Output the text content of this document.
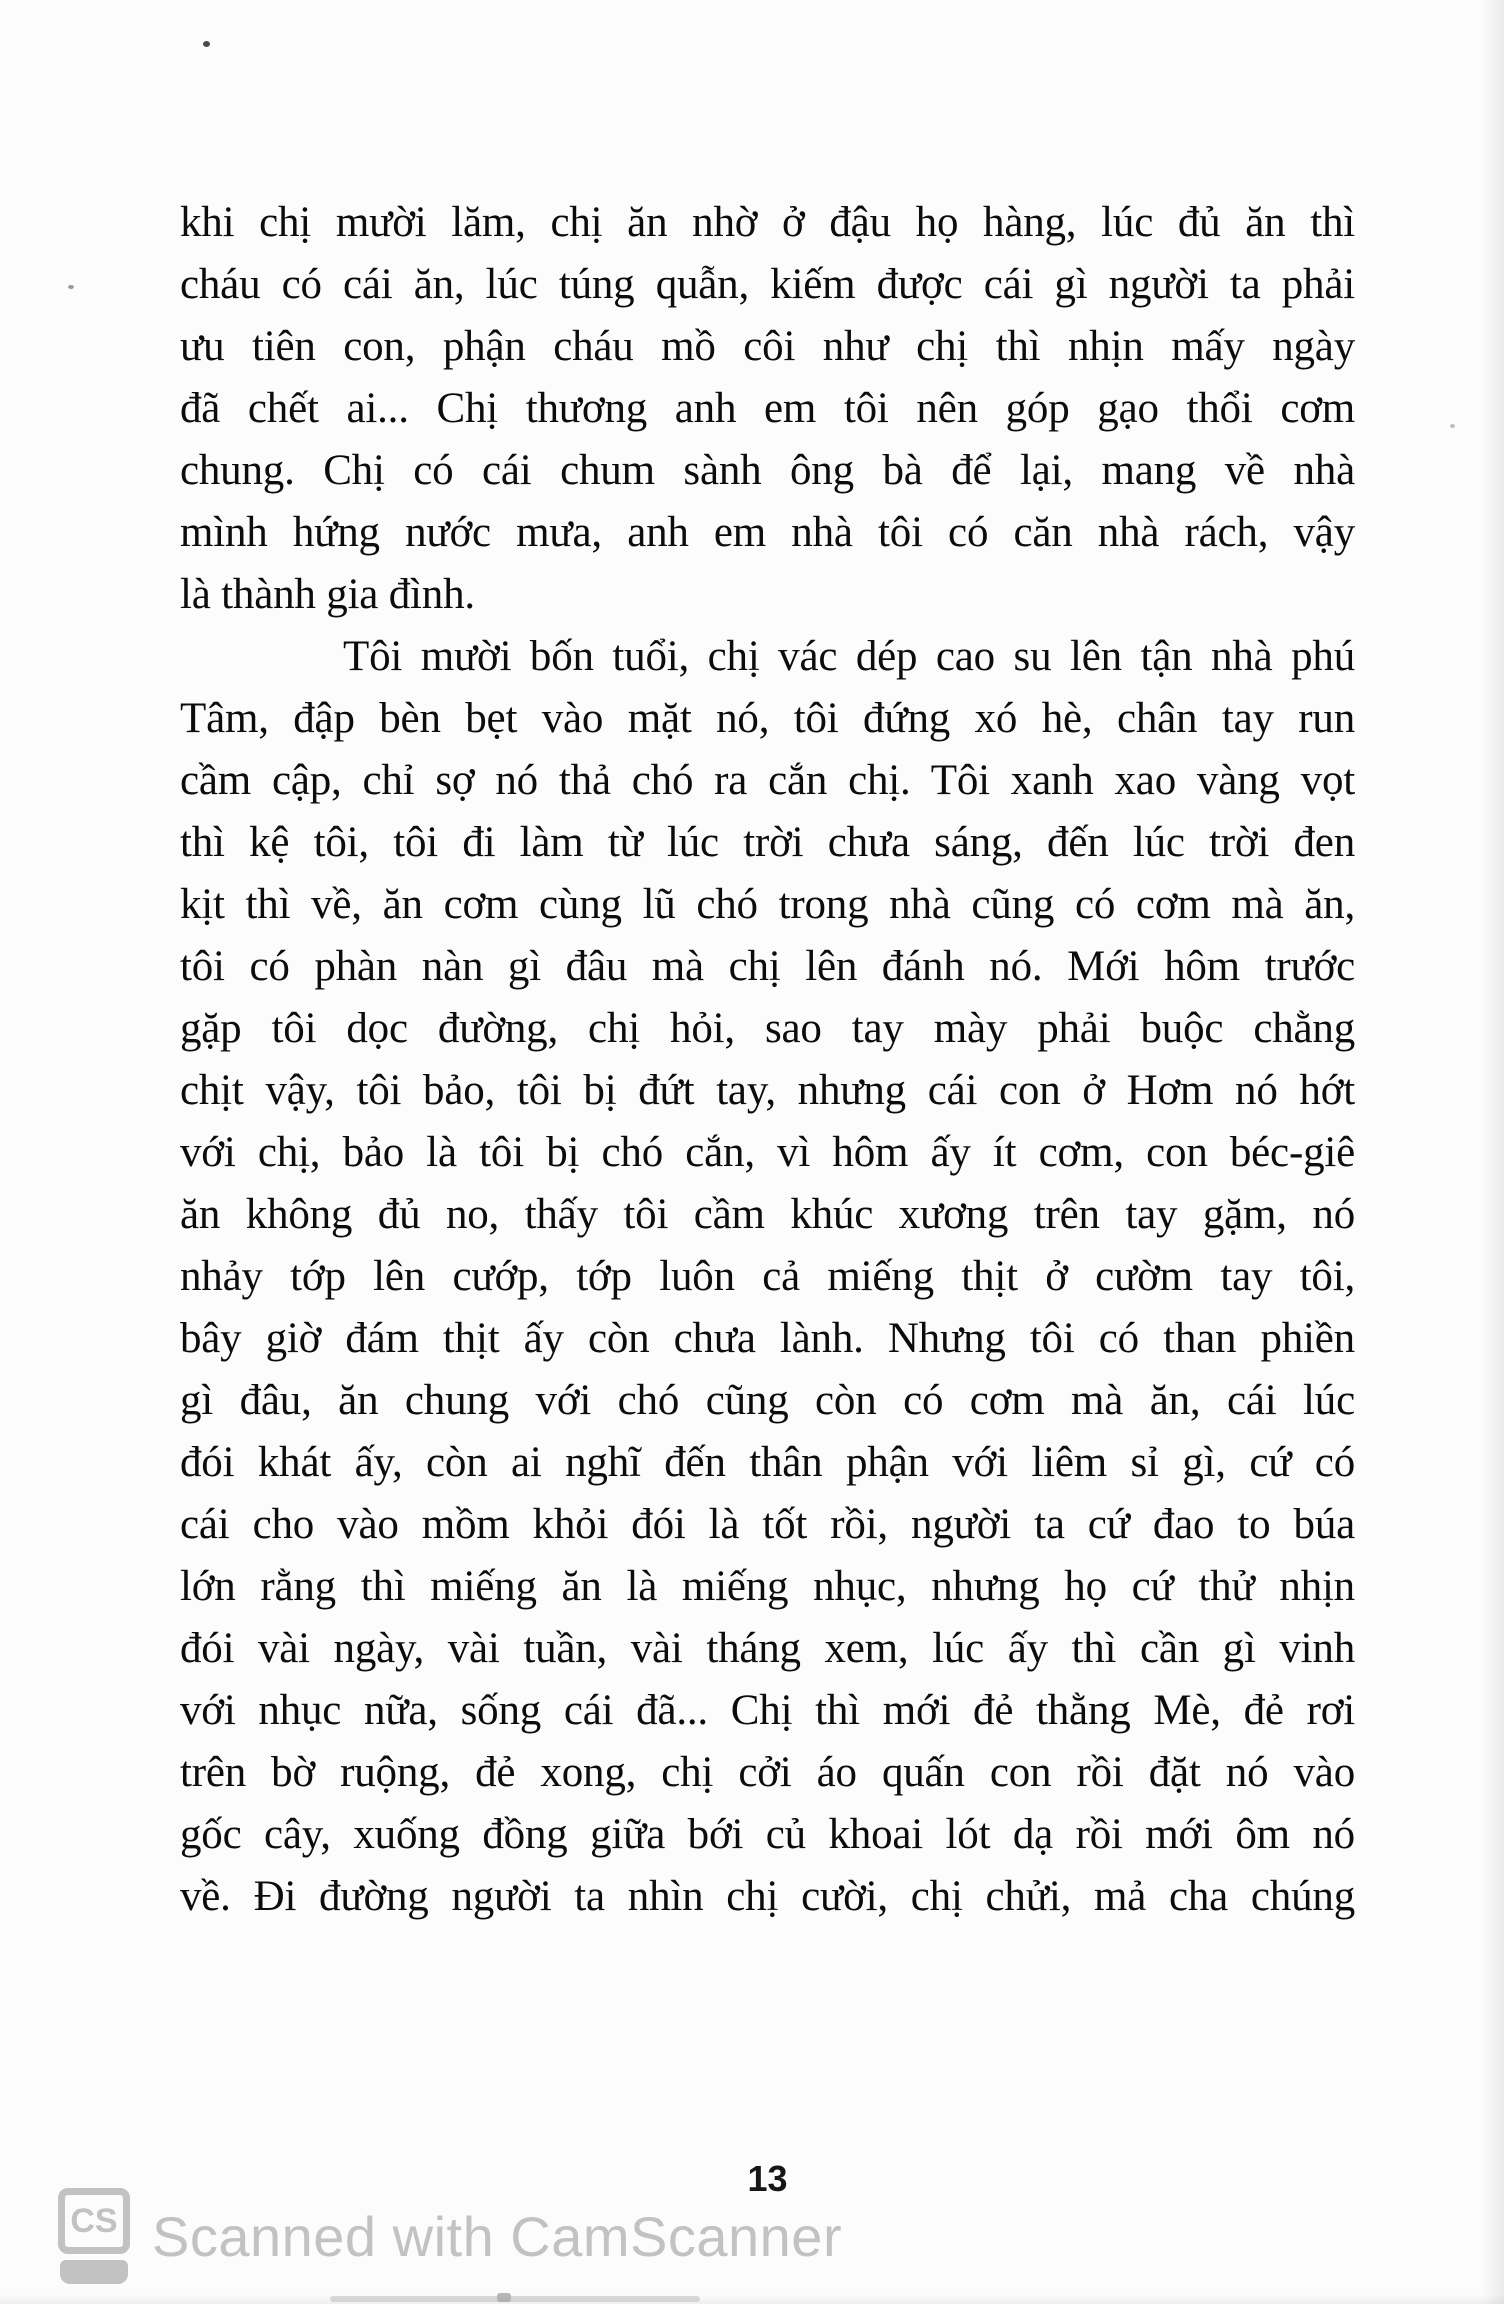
khi chị mười lăm, chị ăn nhờ ở đậu họ hàng, lúc đủ ăn thì
cháu có cái ăn, lúc túng quẫn, kiếm được cái gì người ta phải
ưu tiên con, phận cháu mồ côi như chị thì nhịn mấy ngày
đã chết ai... Chị thương anh em tôi nên góp gạo thổi cơm
chung. Chị có cái chum sành ông bà để lại, mang về nhà
mình hứng nước mưa, anh em nhà tôi có căn nhà rách, vậy
là thành gia đình.
Tôi mười bốn tuổi, chị vác dép cao su lên tận nhà phú
Tâm, đập bèn bẹt vào mặt nó, tôi đứng xó hè, chân tay run
cầm cập, chỉ sợ nó thả chó ra cắn chị. Tôi xanh xao vàng vọt
thì kệ tôi, tôi đi làm từ lúc trời chưa sáng, đến lúc trời đen
kịt thì về, ăn cơm cùng lũ chó trong nhà cũng có cơm mà ăn,
tôi có phàn nàn gì đâu mà chị lên đánh nó. Mới hôm trước
gặp tôi dọc đường, chị hỏi, sao tay mày phải buộc chằng
chịt vậy, tôi bảo, tôi bị đứt tay, nhưng cái con ở Hơm nó hớt
với chị, bảo là tôi bị chó cắn, vì hôm ấy ít cơm, con béc-giê
ăn không đủ no, thấy tôi cầm khúc xương trên tay gặm, nó
nhảy tớp lên cướp, tớp luôn cả miếng thịt ở cườm tay tôi,
bây giờ đám thịt ấy còn chưa lành. Nhưng tôi có than phiền
gì đâu, ăn chung với chó cũng còn có cơm mà ăn, cái lúc
đói khát ấy, còn ai nghĩ đến thân phận với liêm sỉ gì, cứ có
cái cho vào mồm khỏi đói là tốt rồi, người ta cứ đao to búa
lớn rằng thì miếng ăn là miếng nhục, nhưng họ cứ thử nhịn
đói vài ngày, vài tuần, vài tháng xem, lúc ấy thì cần gì vinh
với nhục nữa, sống cái đã... Chị thì mới đẻ thằng Mè, đẻ rơi
trên bờ ruộng, đẻ xong, chị cởi áo quấn con rồi đặt nó vào
gốc cây, xuống đồng giữa bới củ khoai lót dạ rồi mới ôm nó
về. Đi đường người ta nhìn chị cười, chị chửi, mả cha chúng
13
CS Scanned with CamScanner
